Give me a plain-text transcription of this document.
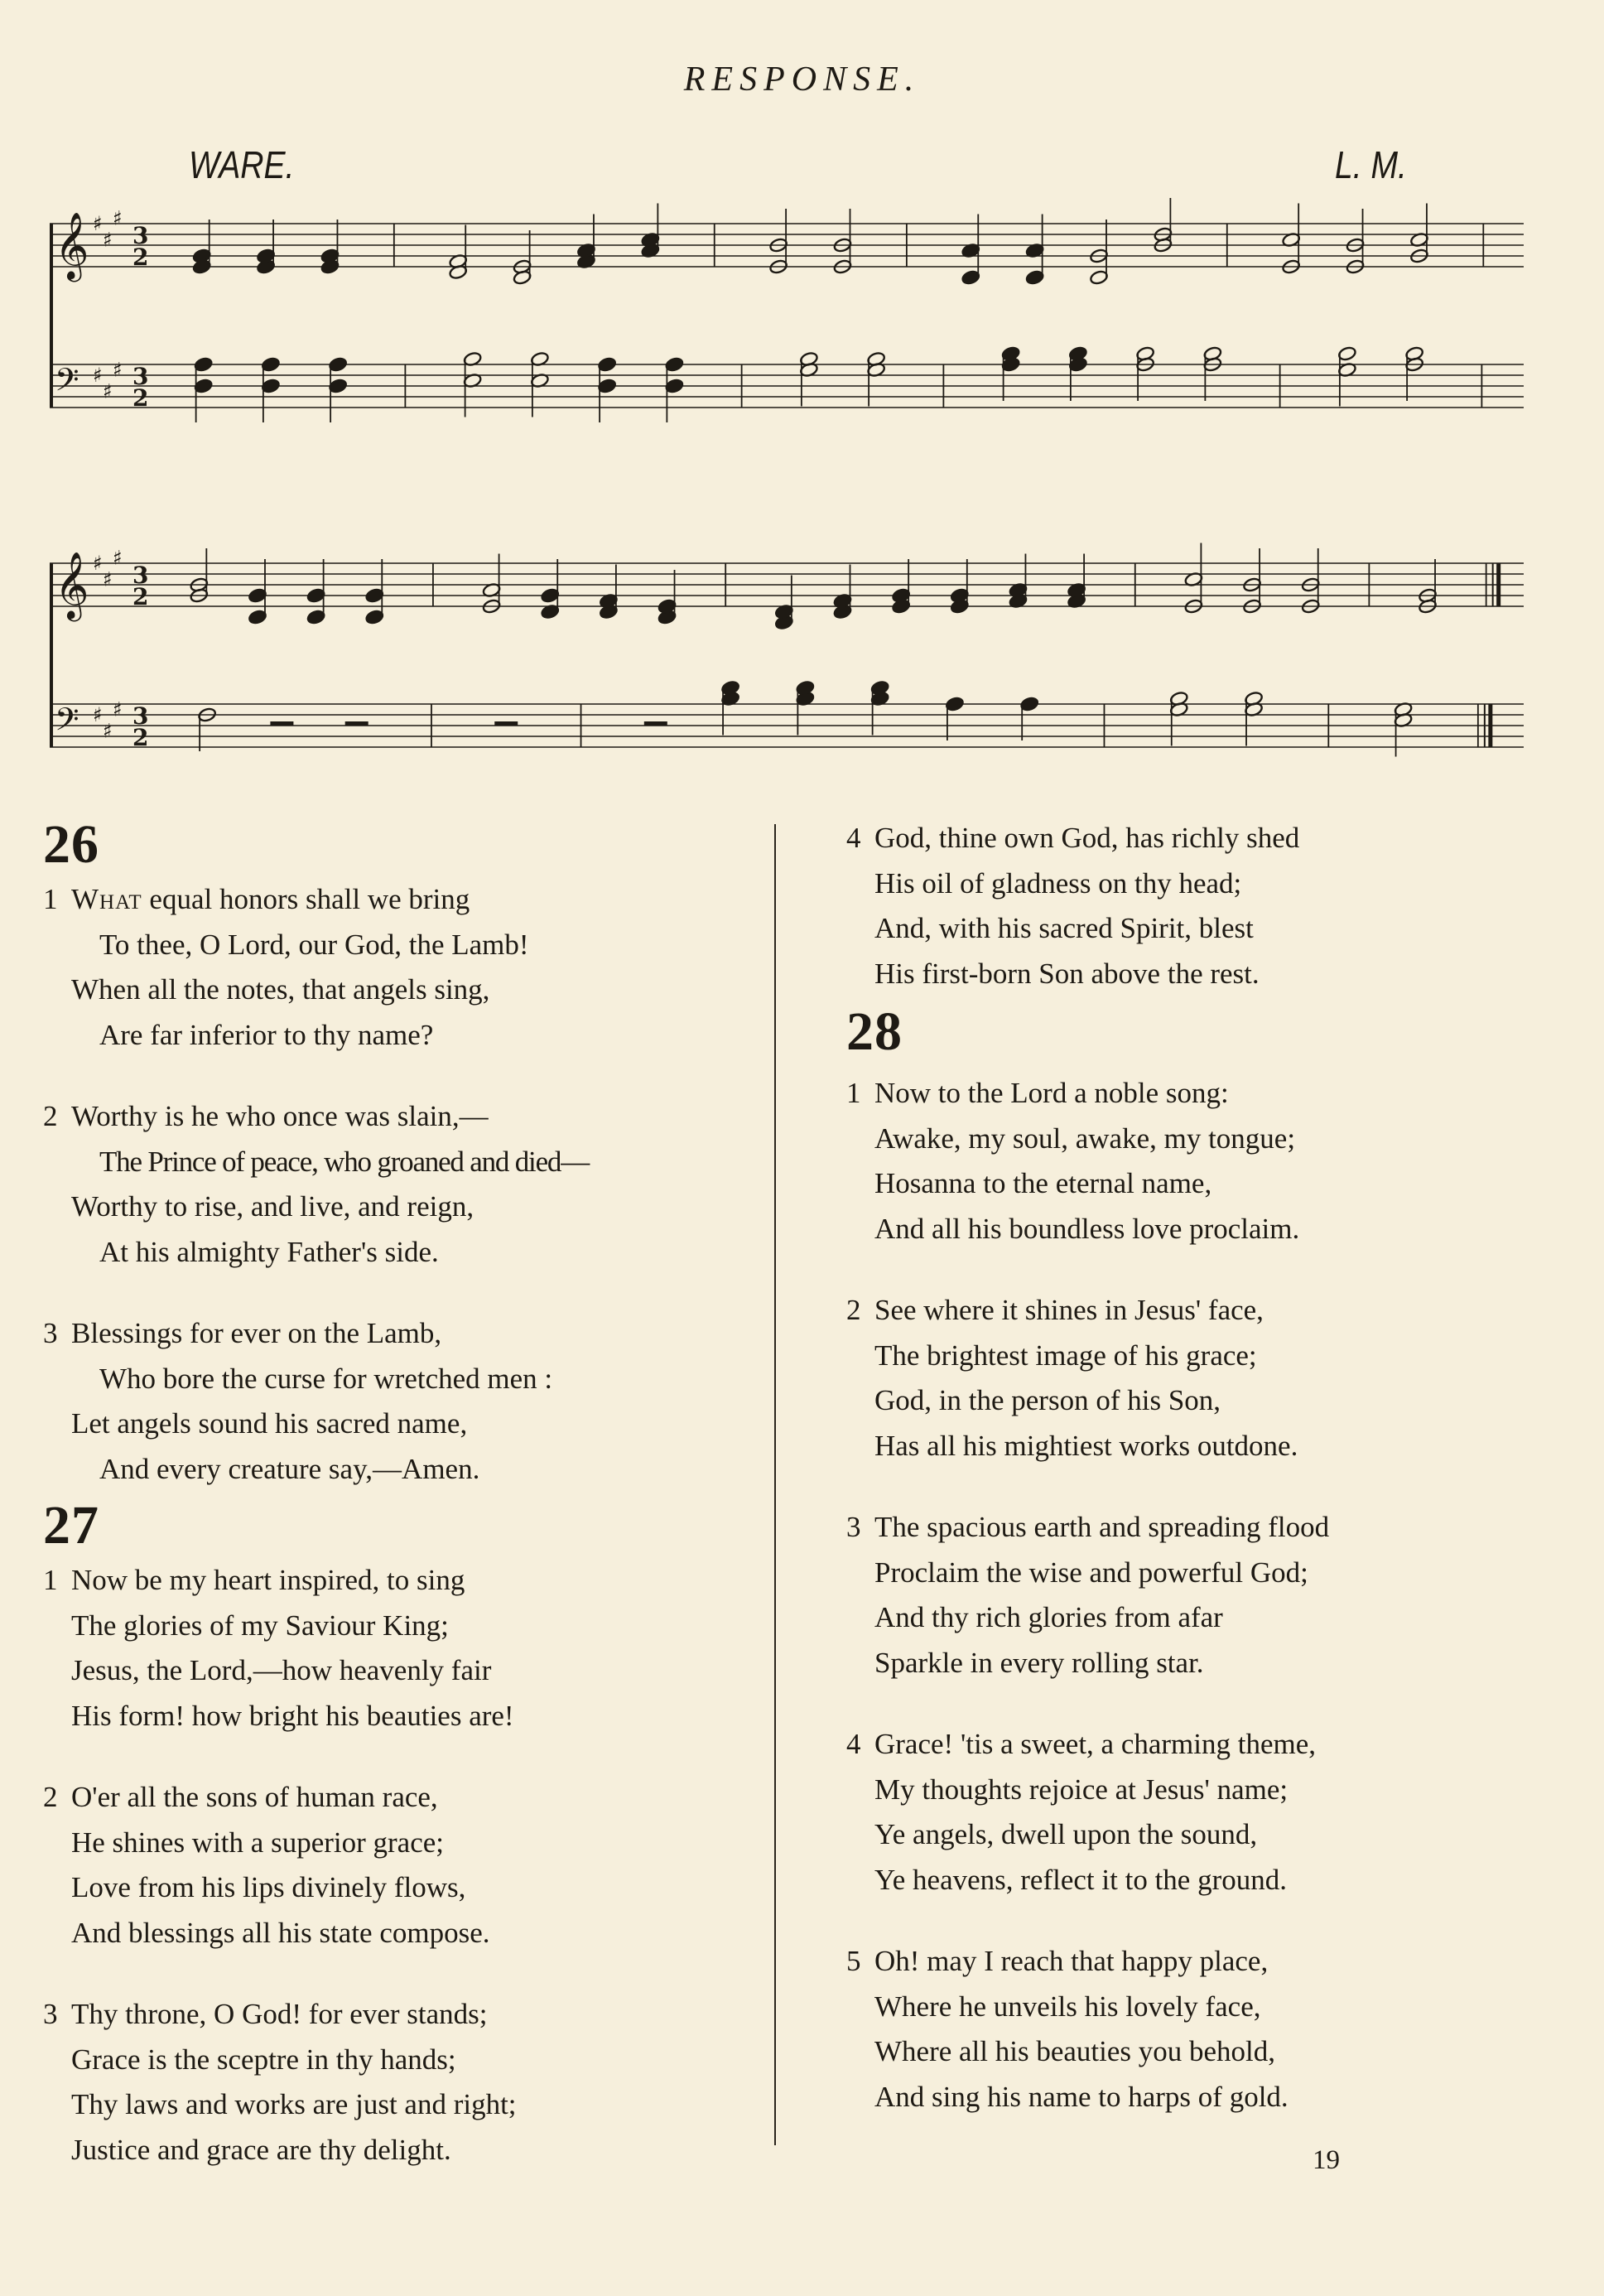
RESPONSE.
WARE.	L. M.
𝄞 ♯
♯
♯
3
2
𝄢 ♯
♯
♯ 3
2
𝄞 ♯
♯
♯
3
2
𝄢 ♯
♯
♯ 3
2
26
1 What equal honors shall we bring
To thee, O Lord, our God, the Lamb!
When all the notes, that angels sing,
Are far inferior to thy name?
2 Worthy is he who once was slain,—
The Prince of peace, who groaned and died—
Worthy to rise, and live, and reign,
At his almighty Father's side.
3 Blessings for ever on the Lamb,
Who bore the curse for wretched men :
Let angels sound his sacred name,
And every creature say,—Amen.
27
1 Now be my heart inspired, to sing
The glories of my Saviour King;
Jesus, the Lord,—how heavenly fair
His form! how bright his beauties are!
2 O'er all the sons of human race,
He shines with a superior grace;
Love from his lips divinely flows,
And blessings all his state compose.
3 Thy throne, O God! for ever stands;
Grace is the sceptre in thy hands;
Thy laws and works are just and right;
Justice and grace are thy delight.
4 God, thine own God, has richly shed
His oil of gladness on thy head;
And, with his sacred Spirit, blest
His first-born Son above the rest.
28
1 Now to the Lord a noble song:
Awake, my soul, awake, my tongue;
Hosanna to the eternal name,
And all his boundless love proclaim.
2 See where it shines in Jesus' face,
The brightest image of his grace;
God, in the person of his Son,
Has all his mightiest works outdone.
3 The spacious earth and spreading flood
Proclaim the wise and powerful God;
And thy rich glories from afar
Sparkle in every rolling star.
4 Grace! 'tis a sweet, a charming theme,
My thoughts rejoice at Jesus' name;
Ye angels, dwell upon the sound,
Ye heavens, reflect it to the ground.
5 Oh! may I reach that happy place,
Where he unveils his lovely face,
Where all his beauties you behold,
And sing his name to harps of gold.
19
